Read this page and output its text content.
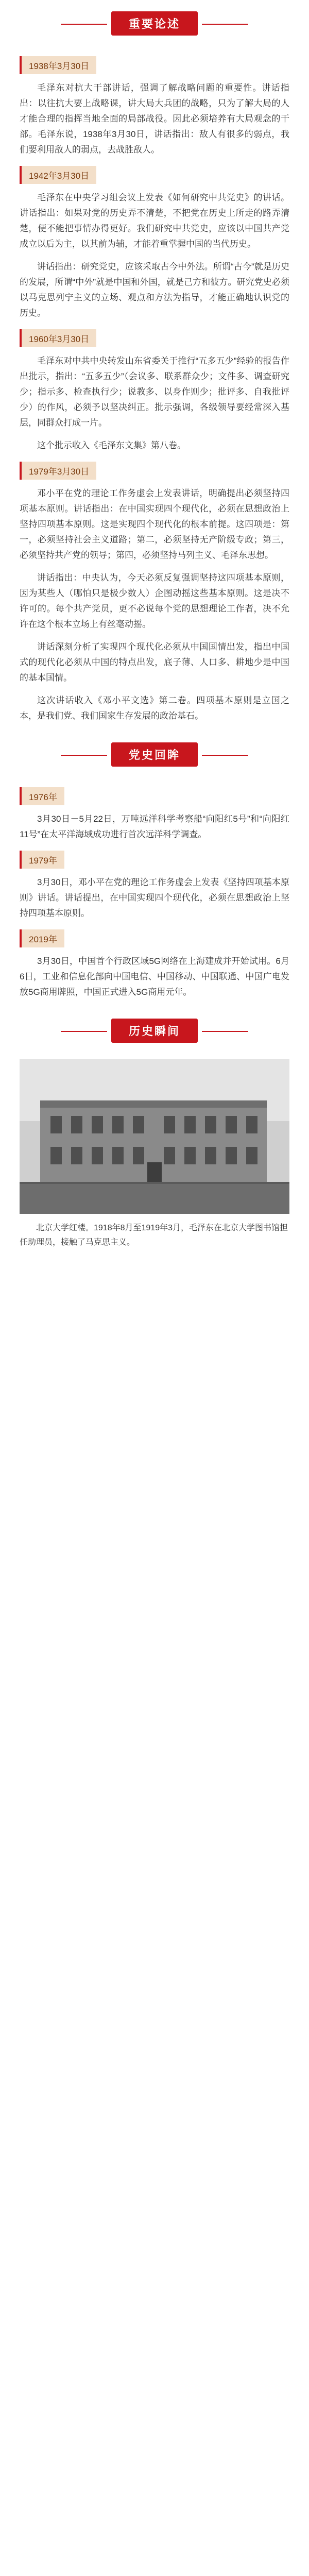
重要论述
1938年3月30日

毛泽东对抗大干部讲话，强调了解战略问题的重要性。讲话指出：以往抗大要上战略课，讲大局大兵团的战略，只为了解大局的人才能合理的指挥当地全面的局部战役。因此必须培养有大局观念的干部。毛泽东说，1938年3月30日，讲话指出：敌人有很多的弱点，我们要利用敌人的弱点，去战胜敌人。

1942年3月30日

毛泽东在中央学习组会议上发表《如何研究中共党史》的讲话。讲话指出：如果对党的历史弄不清楚，不把党在历史上所走的路弄清楚，便不能把事情办得更好。我们研究中共党史，应该以中国共产党成立以后为主，以其前为辅，才能着重掌握中国的当代历史。

讲话指出：研究党史，应该采取古今中外法。所谓“古今”就是历史的发展，所谓“中外”就是中国和外国，就是己方和彼方。研究党史必须以马克思列宁主义的立场、观点和方法为指导，才能正确地认识党的历史。

1960年3月30日

毛泽东对中共中央转发山东省委关于推行“五多五少”经验的报告作出批示，指出：“五多五少”（会议多、联系群众少；文件多、调查研究少；指示多、检查执行少；说教多、以身作则少；批评多、自我批评少）的作风，必须予以坚决纠正。批示强调，各级领导要经常深入基层，同群众打成一片。

这个批示收入《毛泽东文集》第八卷。

1979年3月30日

邓小平在党的理论工作务虚会上发表讲话，明确提出必须坚持四项基本原则。讲话指出：在中国实现四个现代化，必须在思想政治上坚持四项基本原则。这是实现四个现代化的根本前提。这四项是：第一，必须坚持社会主义道路；第二，必须坚持无产阶级专政；第三，必须坚持共产党的领导；第四，必须坚持马列主义、毛泽东思想。

讲话指出：中央认为，今天必须反复强调坚持这四项基本原则，因为某些人（哪怕只是极少数人）企图动摇这些基本原则。这是决不许可的。每个共产党员，更不必说每个党的思想理论工作者，决不允许在这个根本立场上有丝毫动摇。

讲话深刻分析了实现四个现代化必须从中国国情出发，指出中国式的现代化必须从中国的特点出发，底子薄、人口多、耕地少是中国的基本国情。

这次讲话收入《邓小平文选》第二卷。四项基本原则是立国之本，是我们党、我们国家生存发展的政治基石。

党史回眸
1976年

3月30日－5月22日，万吨远洋科学考察船“向阳红5号”和“向阳红11号”在太平洋海域成功进行首次远洋科学调查。

1979年

3月30日，邓小平在党的理论工作务虚会上发表《坚持四项基本原则》讲话。讲话提出，在中国实现四个现代化，必须在思想政治上坚持四项基本原则。

2019年

3月30日，中国首个行政区域5G网络在上海建成并开始试用。6月6日，工业和信息化部向中国电信、中国移动、中国联通、中国广电发放5G商用牌照，中国正式进入5G商用元年。

历史瞬间

北京大学红楼。1918年8月至1919年3月，毛泽东在北京大学图书馆担任助理员，接触了马克思主义。
